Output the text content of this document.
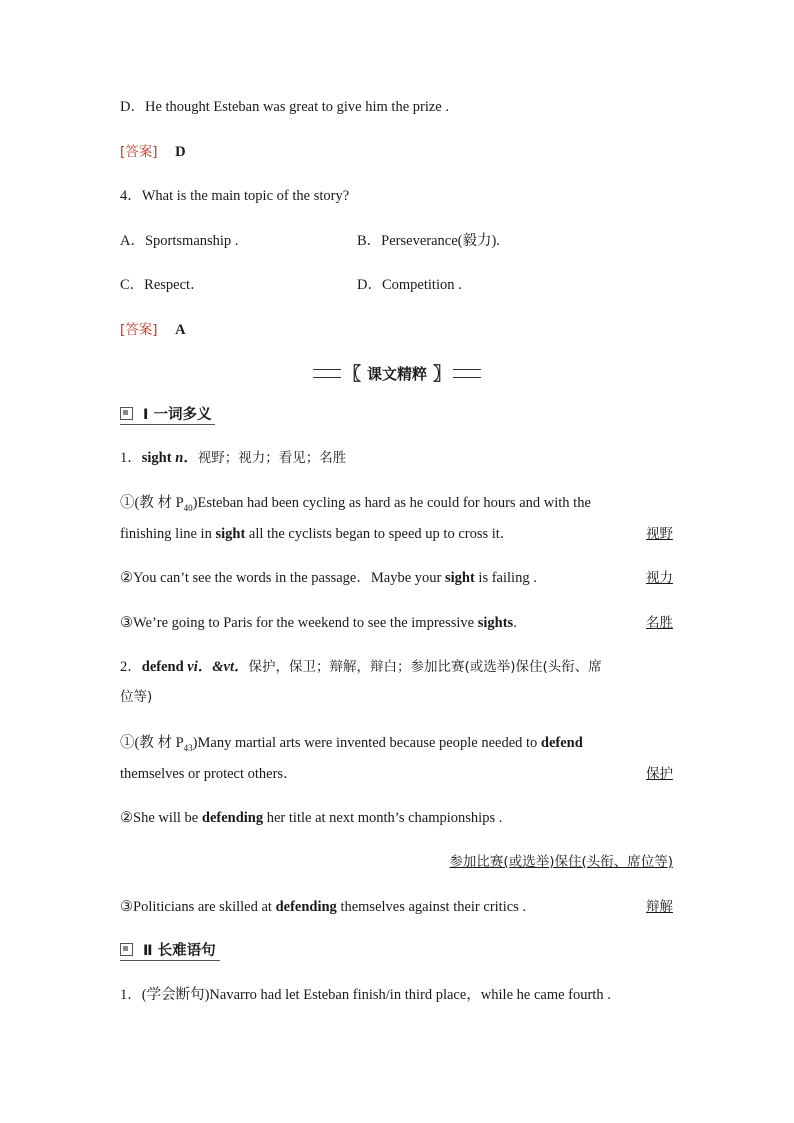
D．He thought Esteban was great to give him the prize .
[答案] D
4．What is the main topic of the story?
A．Sportsmanship .	B．Perseverance(毅力).
C．Respect．	D．Competition .
[答案] A
〖 课文精粹 〗
Ⅰ 一词多义
1．sight n．视野；视力；看见；名胜
①(教 材 $P_{40})Esteban$ had been cycling as hard as he could for hours and with the
finishing line in sight all the cyclists began to speed up to cross it．	视野
②You can’t see the words in the passage．Maybe your sight is failing .	视力
③We’re going to Paris for the weekend to see the impressive sights.	名胜
2．defend vi．&vt．保护，保卫；辩解，辩白；参加比赛(或选举)保住(头衔、席
位等)
①(教 材 $P_{43})Many$ martial arts were invented because people needed to defend
themselves or protect others．	保护
②She will be defending her title at next month’s championships .
参加比赛(或选举)保住(头衔、席位等)
③Politicians are skilled at defending themselves against their critics .	辩解
Ⅱ 长难语句
1．(学会断句)Navarro had let Esteban finish/in third place，while he came fourth .
